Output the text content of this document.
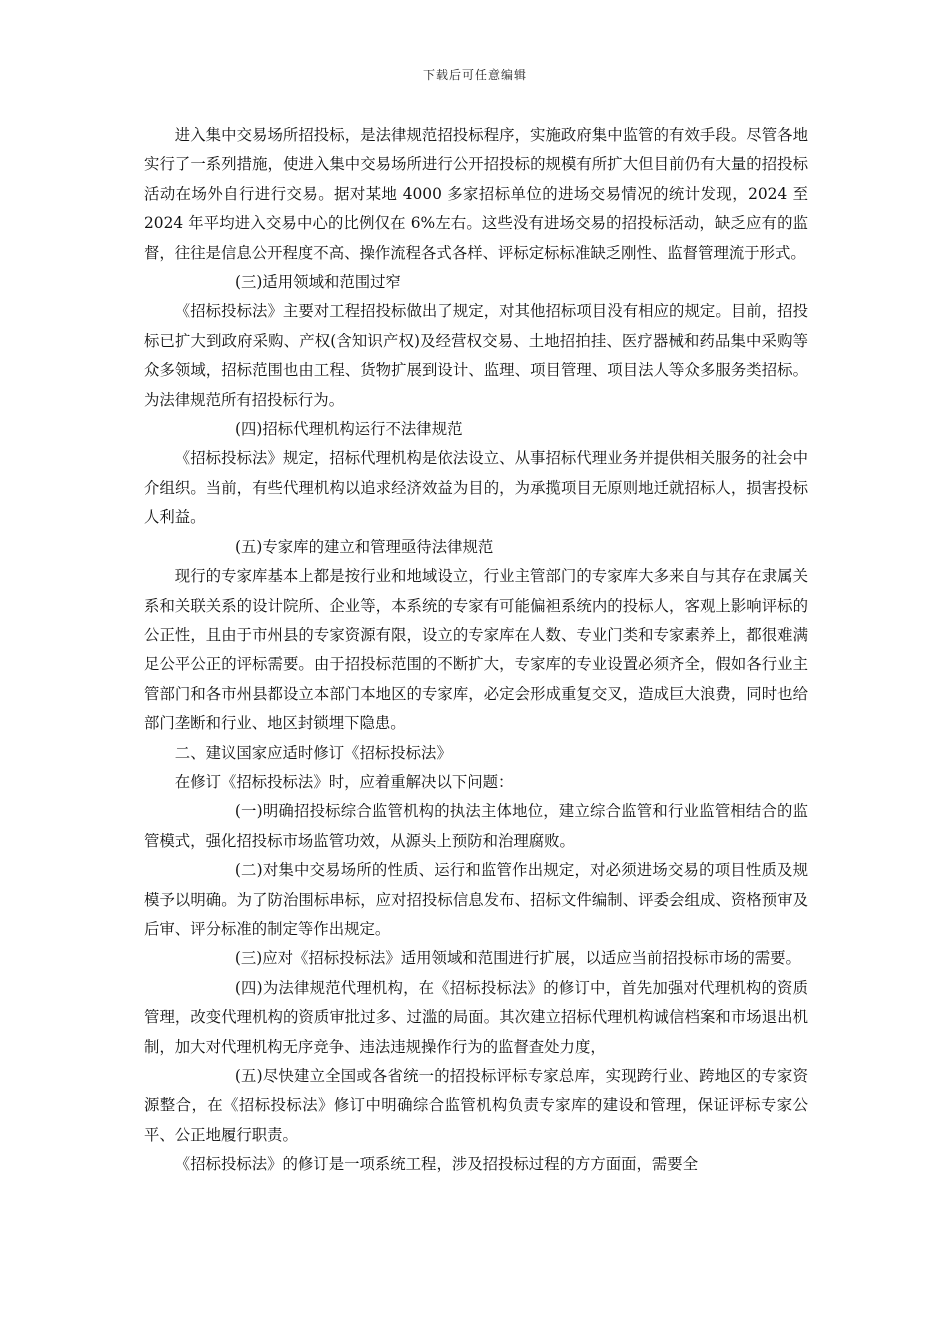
下载后可任意编辑

进入集中交易场所招投标，是法律规范招投标程序，实施政府集中监管的有效手段。尽管各地实行了一系列措施，使进入集中交易场所进行公开招投标的规模有所扩大但目前仍有大量的招投标活动在场外自行进行交易。据对某地 4000 多家招标单位的进场交易情况的统计发现，2024 至 2024 年平均进入交易中心的比例仅在 6%左右。这些没有进场交易的招投标活动，缺乏应有的监督，往往是信息公开程度不高、操作流程各式各样、评标定标标准缺乏刚性、监督管理流于形式。

(三)适用领域和范围过窄

《招标投标法》主要对工程招投标做出了规定，对其他招标项目没有相应的规定。目前，招投标已扩大到政府采购、产权(含知识产权)及经营权交易、土地招拍挂、医疗器械和药品集中采购等众多领域，招标范围也由工程、货物扩展到设计、监理、项目管理、项目法人等众多服务类招标。为法律规范所有招投标行为。

(四)招标代理机构运行不法律规范

《招标投标法》规定，招标代理机构是依法设立、从事招标代理业务并提供相关服务的社会中介组织。当前，有些代理机构以追求经济效益为目的，为承揽项目无原则地迁就招标人，损害投标人利益。

(五)专家库的建立和管理亟待法律规范

现行的专家库基本上都是按行业和地域设立，行业主管部门的专家库大多来自与其存在隶属关系和关联关系的设计院所、企业等，本系统的专家有可能偏袒系统内的投标人，客观上影响评标的公正性，且由于市州县的专家资源有限，设立的专家库在人数、专业门类和专家素养上，都很难满足公平公正的评标需要。由于招投标范围的不断扩大，专家库的专业设置必须齐全，假如各行业主管部门和各市州县都设立本部门本地区的专家库，必定会形成重复交叉，造成巨大浪费，同时也给部门垄断和行业、地区封锁埋下隐患。

二、建议国家应适时修订《招标投标法》

在修订《招标投标法》时，应着重解决以下问题：

(一)明确招投标综合监管机构的执法主体地位，建立综合监管和行业监管相结合的监管模式，强化招投标市场监管功效，从源头上预防和治理腐败。

(二)对集中交易场所的性质、运行和监管作出规定，对必须进场交易的项目性质及规模予以明确。为了防治围标串标，应对招投标信息发布、招标文件编制、评委会组成、资格预审及后审、评分标准的制定等作出规定。

(三)应对《招标投标法》适用领域和范围进行扩展，以适应当前招投标市场的需要。

(四)为法律规范代理机构，在《招标投标法》的修订中，首先加强对代理机构的资质管理，改变代理机构的资质审批过多、过滥的局面。其次建立招标代理机构诚信档案和市场退出机制，加大对代理机构无序竞争、违法违规操作行为的监督查处力度，

(五)尽快建立全国或各省统一的招投标评标专家总库，实现跨行业、跨地区的专家资源整合，在《招标投标法》修订中明确综合监管机构负责专家库的建设和管理，保证评标专家公平、公正地履行职责。

《招标投标法》的修订是一项系统工程，涉及招投标过程的方方面面，需要全
